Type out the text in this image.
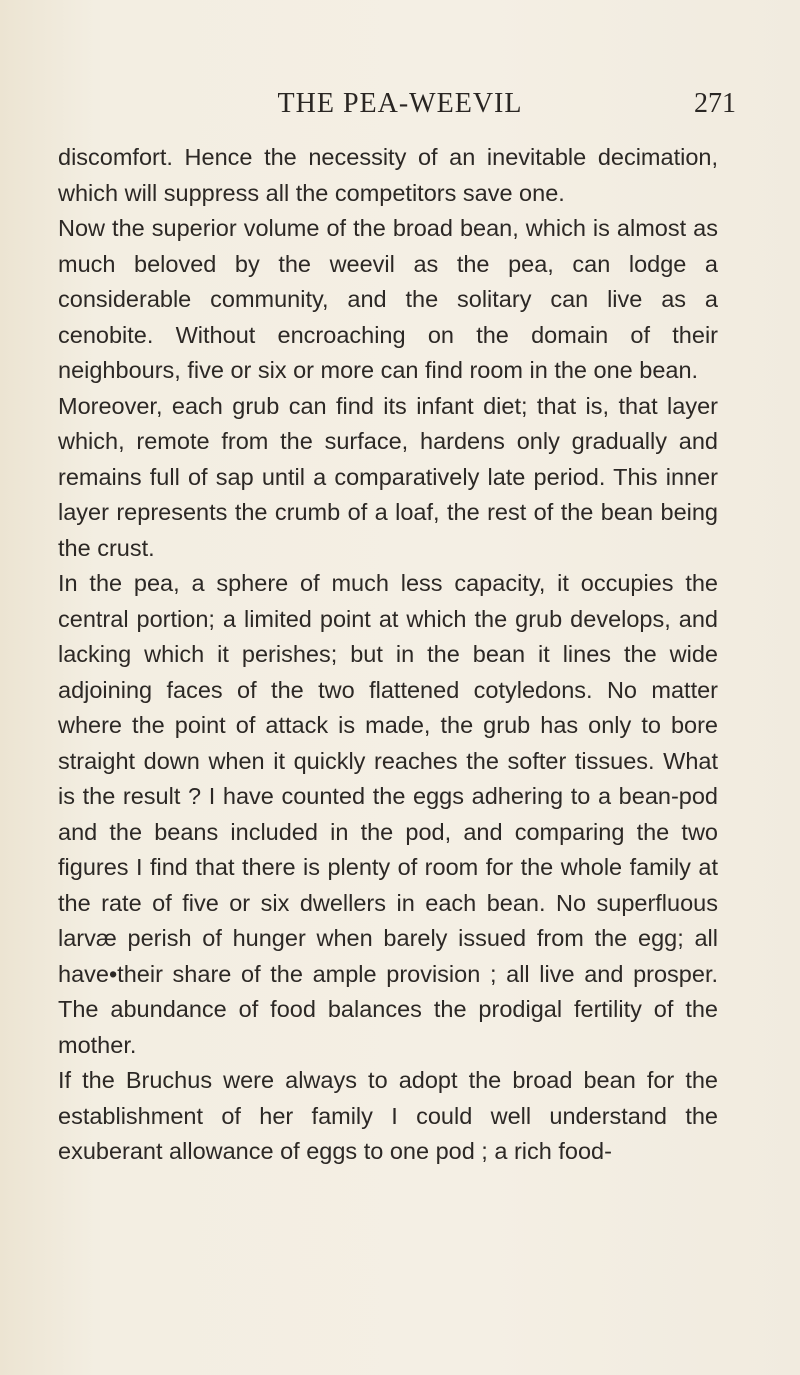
THE PEA-WEEVIL	271

discomfort. Hence the necessity of an inevitable decimation, which will suppress all the competitors save one.

Now the superior volume of the broad bean, which is almost as much beloved by the weevil as the pea, can lodge a considerable community, and the solitary can live as a cenobite. Without encroaching on the domain of their neighbours, five or six or more can find room in the one bean.

Moreover, each grub can find its infant diet; that is, that layer which, remote from the surface, hardens only gradually and remains full of sap until a comparatively late period. This inner layer represents the crumb of a loaf, the rest of the bean being the crust.

In the pea, a sphere of much less capacity, it occupies the central portion; a limited point at which the grub develops, and lacking which it perishes; but in the bean it lines the wide adjoining faces of the two flattened cotyledons. No matter where the point of attack is made, the grub has only to bore straight down when it quickly reaches the softer tissues. What is the result ? I have counted the eggs adhering to a bean-pod and the beans included in the pod, and comparing the two figures I find that there is plenty of room for the whole family at the rate of five or six dwellers in each bean. No superfluous larvæ perish of hunger when barely issued from the egg; all have•their share of the ample provision ; all live and prosper. The abundance of food balances the prodigal fertility of the mother.

If the Bruchus were always to adopt the broad bean for the establishment of her family I could well understand the exuberant allowance of eggs to one pod ; a rich food-
